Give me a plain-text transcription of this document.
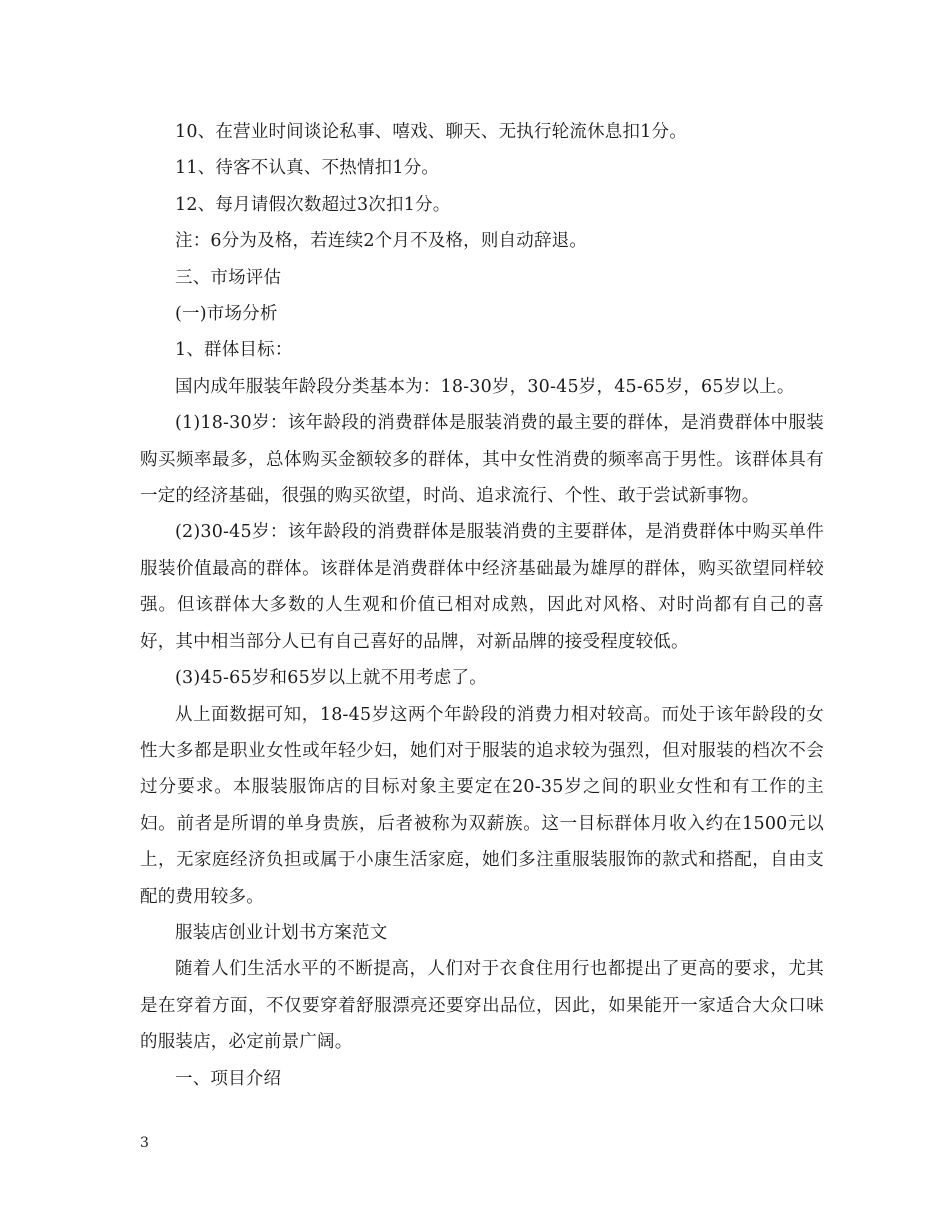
10、在营业时间谈论私事、嘻戏、聊天、无执行轮流休息扣1分。

11、待客不认真、不热情扣1分。

12、每月请假次数超过3次扣1分。

注：6分为及格，若连续2个月不及格，则自动辞退。

三、市场评估

(一)市场分析

1、群体目标：

国内成年服装年龄段分类基本为：18-30岁，30-45岁，45-65岁，65岁以上。

(1)18-30岁：该年龄段的消费群体是服装消费的最主要的群体，是消费群体中服装购买频率最多，总体购买金额较多的群体，其中女性消费的频率高于男性。该群体具有一定的经济基础，很强的购买欲望，时尚、追求流行、个性、敢于尝试新事物。

(2)30-45岁：该年龄段的消费群体是服装消费的主要群体，是消费群体中购买单件服装价值最高的群体。该群体是消费群体中经济基础最为雄厚的群体，购买欲望同样较强。但该群体大多数的人生观和价值已相对成熟，因此对风格、对时尚都有自己的喜好，其中相当部分人已有自己喜好的品牌，对新品牌的接受程度较低。

(3)45-65岁和65岁以上就不用考虑了。

从上面数据可知，18-45岁这两个年龄段的消费力相对较高。而处于该年龄段的女性大多都是职业女性或年轻少妇，她们对于服装的追求较为强烈，但对服装的档次不会过分要求。本服装服饰店的目标对象主要定在20-35岁之间的职业女性和有工作的主妇。前者是所谓的单身贵族，后者被称为双薪族。这一目标群体月收入约在1500元以上，无家庭经济负担或属于小康生活家庭，她们多注重服装服饰的款式和搭配，自由支配的费用较多。

服装店创业计划书方案范文

随着人们生活水平的不断提高，人们对于衣食住用行也都提出了更高的要求，尤其是在穿着方面，不仅要穿着舒服漂亮还要穿出品位，因此，如果能开一家适合大众口味的服装店，必定前景广阔。

一、项目介绍

3
